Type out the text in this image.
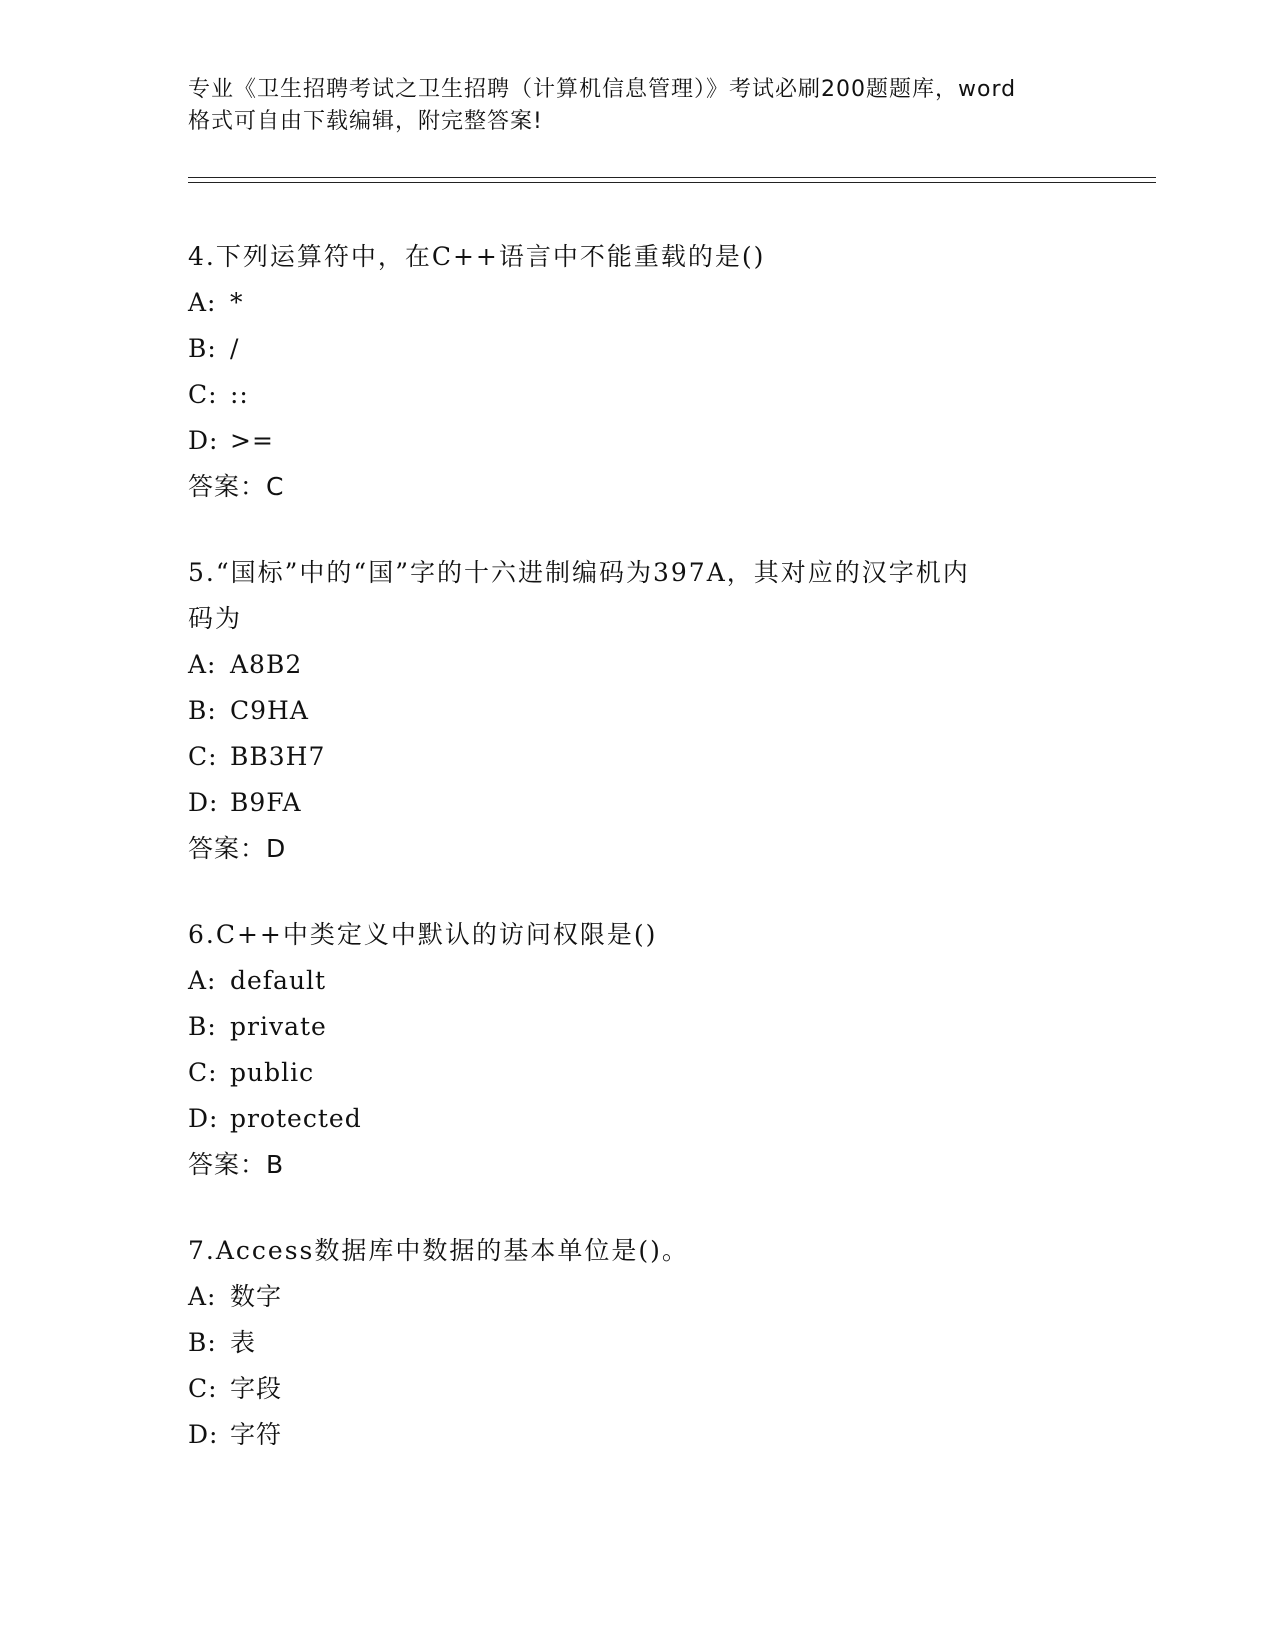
专业《卫生招聘考试之卫生招聘（计算机信息管理）》考试必刷200题题库，word
格式可自由下载编辑，附完整答案!
4.下列运算符中，在C++语言中不能重载的是()
A: *
B: /
C: ::
D: >=
答案：C
5.“国标”中的“国”字的十六进制编码为397A，其对应的汉字机内
码为
A: A8B2
B: C9HA
C: BB3H7
D: B9FA
答案：D
6.C++中类定义中默认的访问权限是()
A: default
B: private
C: public
D: protected
答案：B
7.Access数据库中数据的基本单位是()。
A: 数字
B: 表
C: 字段
D: 字符
